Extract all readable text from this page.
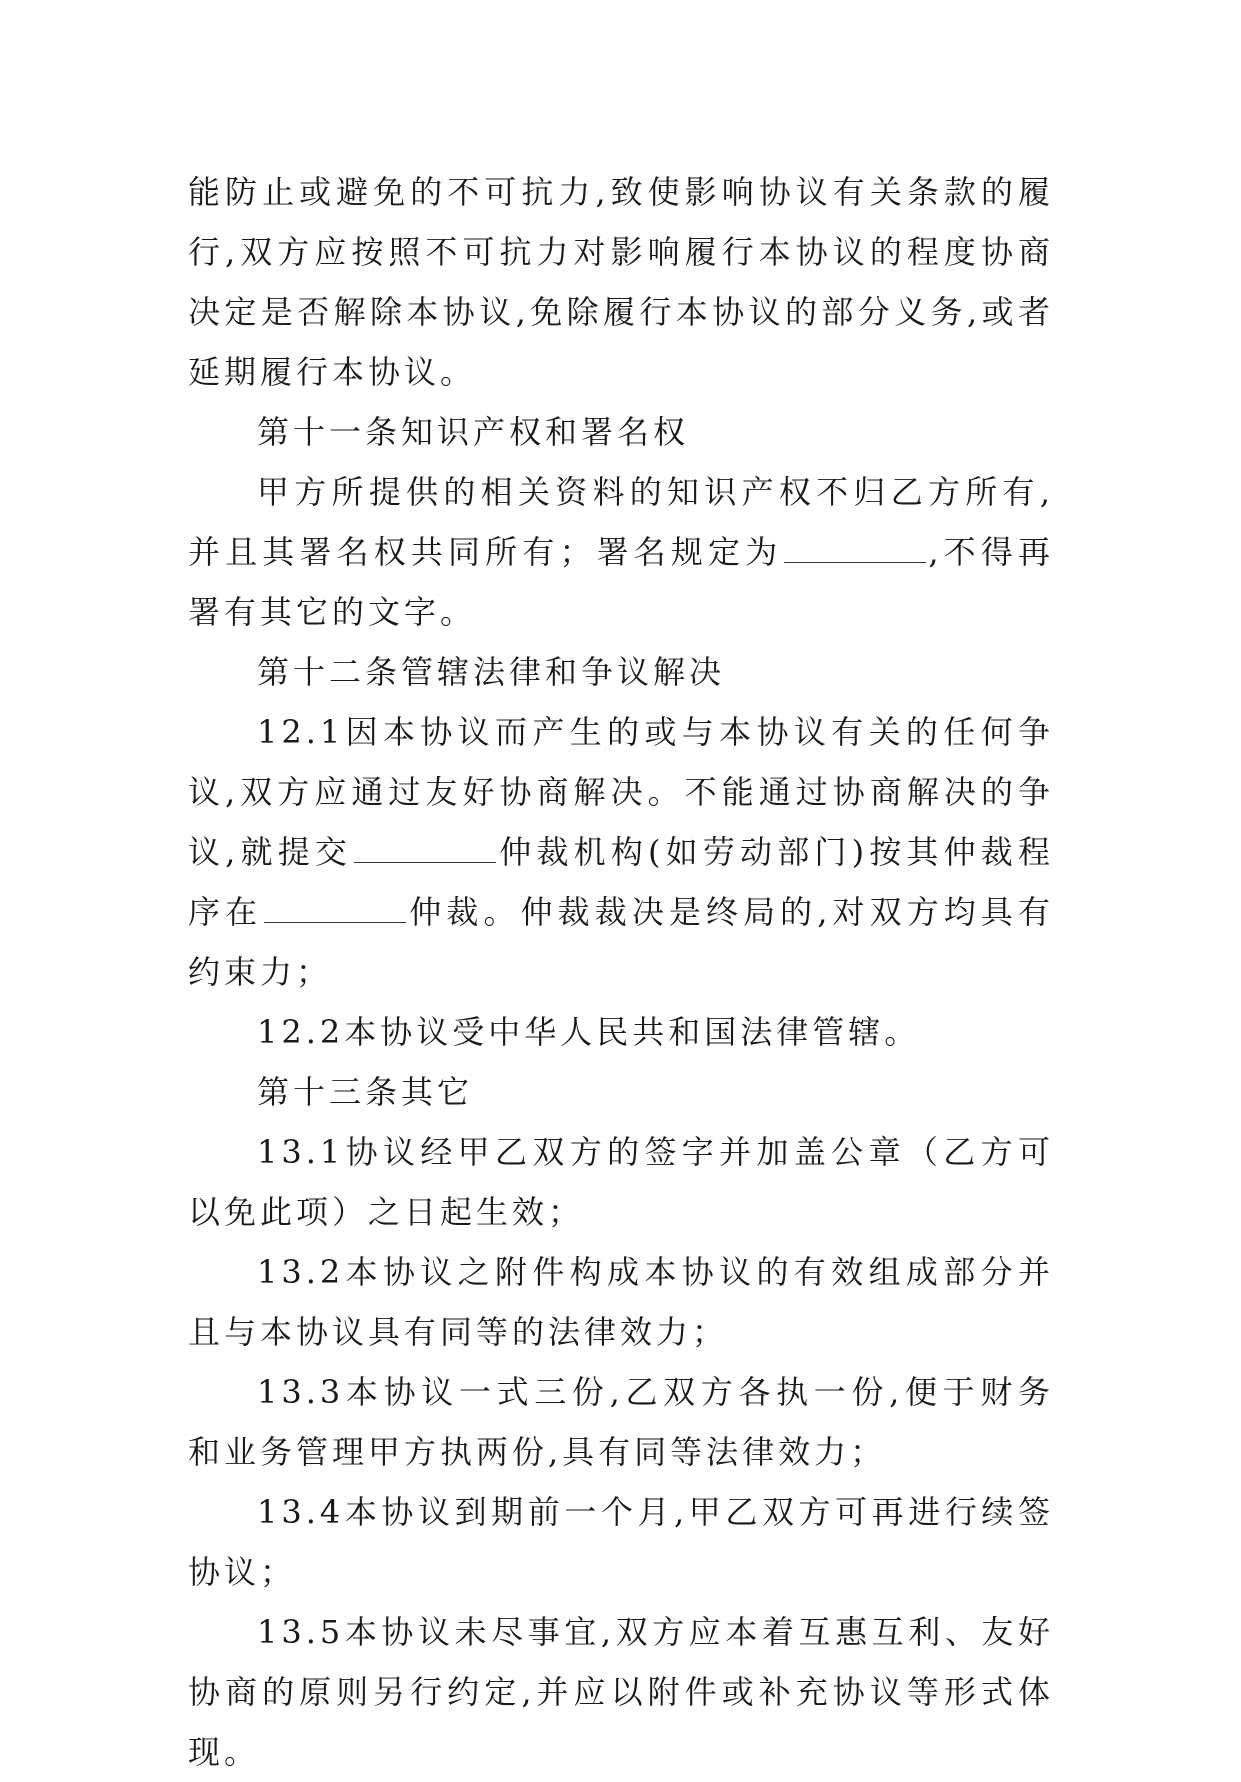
能防止或避免的不可抗力,致使影响协议有关条款的履行,双方应按照不可抗力对影响履行本协议的程度协商决定是否解除本协议,免除履行本协议的部分义务,或者延期履行本协议。

第十一条知识产权和署名权

甲方所提供的相关资料的知识产权不归乙方所有,并且其署名权共同所有；署名规定为	,不得再署有其它的文字。

第十二条管辖法律和争议解决

12.1因本协议而产生的或与本协议有关的任何争议,双方应通过友好协商解决。不能通过协商解决的争议,就提交	仲裁机构(如劳动部门)按其仲裁程序在	仲裁。仲裁裁决是终局的,对双方均具有约束力；

12.2本协议受中华人民共和国法律管辖。

第十三条其它

13.1协议经甲乙双方的签字并加盖公章（乙方可以免此项）之日起生效；

13.2本协议之附件构成本协议的有效组成部分并且与本协议具有同等的法律效力；

13.3本协议一式三份,乙双方各执一份,便于财务和业务管理甲方执两份,具有同等法律效力；

13.4本协议到期前一个月,甲乙双方可再进行续签协议；

13.5本协议未尽事宜,双方应本着互惠互利、友好协商的原则另行约定,并应以附件或补充协议等形式体现。
